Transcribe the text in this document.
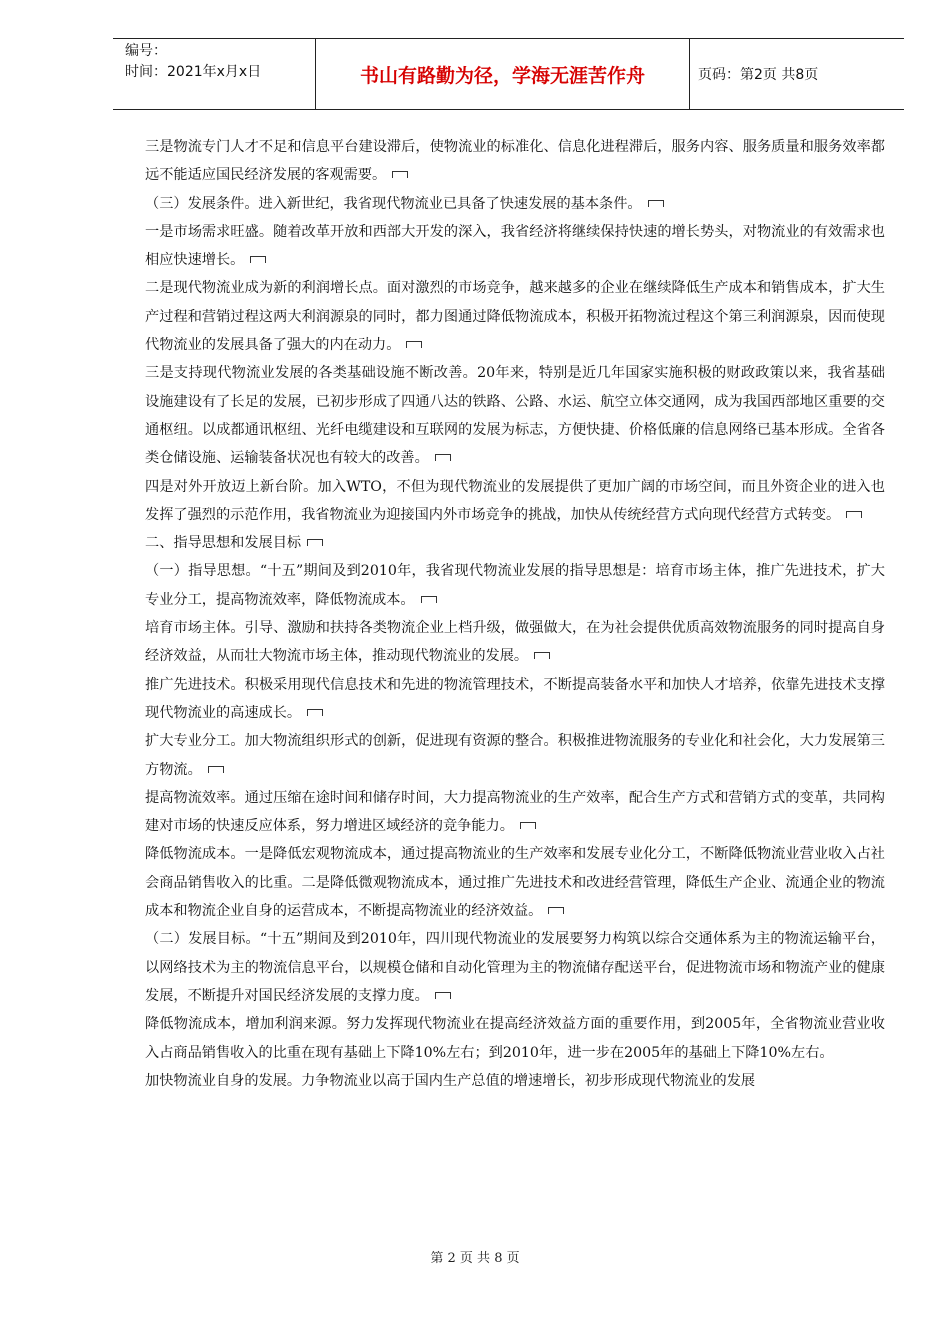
编号：
时间：2021年x月x日	书山有路勤为径，学海无涯苦作舟	页码：第2页 共8页

三是物流专门人才不足和信息平台建设滞后，使物流业的标准化、信息化进程滞后，服务内容、服务质量和服务效率都远不能适应国民经济发展的客观需要。

（三）发展条件。进入新世纪，我省现代物流业已具备了快速发展的基本条件。

一是市场需求旺盛。随着改革开放和西部大开发的深入，我省经济将继续保持快速的增长势头，对物流业的有效需求也相应快速增长。

二是现代物流业成为新的利润增长点。面对激烈的市场竞争，越来越多的企业在继续降低生产成本和销售成本，扩大生产过程和营销过程这两大利润源泉的同时，都力图通过降低物流成本，积极开拓物流过程这个第三利润源泉，因而使现代物流业的发展具备了强大的内在动力。

三是支持现代物流业发展的各类基础设施不断改善。20年来，特别是近几年国家实施积极的财政政策以来，我省基础设施建设有了长足的发展，已初步形成了四通八达的铁路、公路、水运、航空立体交通网，成为我国西部地区重要的交通枢纽。以成都通讯枢纽、光纤电缆建设和互联网的发展为标志，方便快捷、价格低廉的信息网络已基本形成。全省各类仓储设施、运输装备状况也有较大的改善。

四是对外开放迈上新台阶。加入WTO，不但为现代物流业的发展提供了更加广阔的市场空间，而且外资企业的进入也发挥了强烈的示范作用，我省物流业为迎接国内外市场竞争的挑战，加快从传统经营方式向现代经营方式转变。

二、指导思想和发展目标

（一）指导思想。“十五”期间及到2010年，我省现代物流业发展的指导思想是：培育市场主体，推广先进技术，扩大专业分工，提高物流效率，降低物流成本。

培育市场主体。引导、激励和扶持各类物流企业上档升级，做强做大，在为社会提供优质高效物流服务的同时提高自身经济效益，从而壮大物流市场主体，推动现代物流业的发展。

推广先进技术。积极采用现代信息技术和先进的物流管理技术，不断提高装备水平和加快人才培养，依靠先进技术支撑现代物流业的高速成长。

扩大专业分工。加大物流组织形式的创新，促进现有资源的整合。积极推进物流服务的专业化和社会化，大力发展第三方物流。

提高物流效率。通过压缩在途时间和储存时间，大力提高物流业的生产效率，配合生产方式和营销方式的变革，共同构建对市场的快速反应体系，努力增进区域经济的竞争能力。

降低物流成本。一是降低宏观物流成本，通过提高物流业的生产效率和发展专业化分工，不断降低物流业营业收入占社会商品销售收入的比重。二是降低微观物流成本，通过推广先进技术和改进经营管理，降低生产企业、流通企业的物流成本和物流企业自身的运营成本，不断提高物流业的经济效益。

（二）发展目标。“十五”期间及到2010年，四川现代物流业的发展要努力构筑以综合交通体系为主的物流运输平台，以网络技术为主的物流信息平台，以规模仓储和自动化管理为主的物流储存配送平台，促进物流市场和物流产业的健康发展，不断提升对国民经济发展的支撑力度。

降低物流成本，增加利润来源。努力发挥现代物流业在提高经济效益方面的重要作用，到2005年，全省物流业营业收入占商品销售收入的比重在现有基础上下降10%左右；到2010年，进一步在2005年的基础上下降10%左右。

加快物流业自身的发展。力争物流业以高于国内生产总值的增速增长，初步形成现代物流业的发展

第 2 页 共 8 页
